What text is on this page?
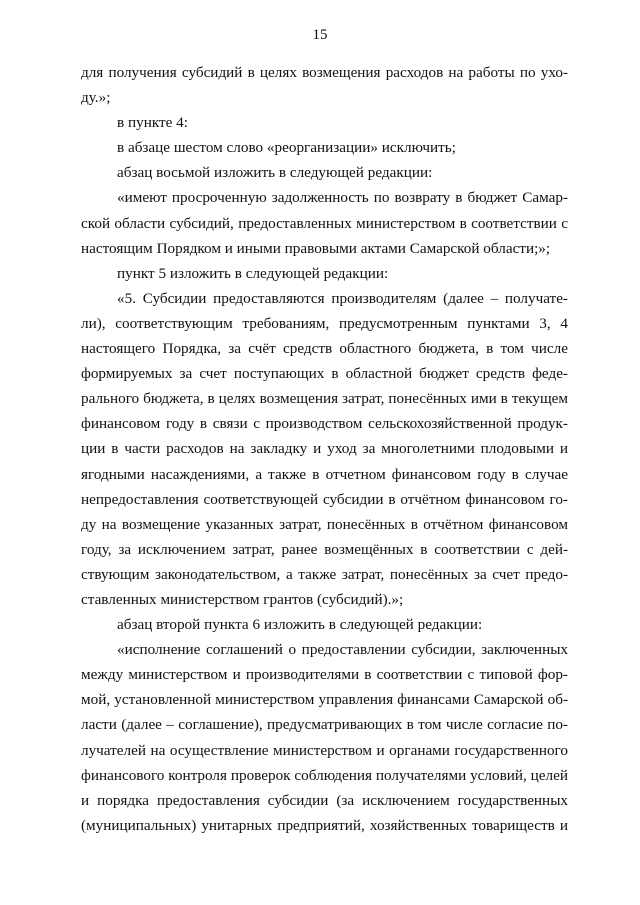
15
для получения субсидий в целях возмещения расходов на работы по ухо-
ду.»;
в пункте 4:
в абзаце шестом слово «реорганизации» исключить;
абзац восьмой изложить в следующей редакции:
«имеют просроченную задолженность по возврату в бюджет Самар-
ской области субсидий, предоставленных министерством в соответствии с
настоящим Порядком и иными правовыми актами Самарской области;»;
пункт 5 изложить в следующей редакции:
«5. Субсидии предоставляются производителям (далее – получате-
ли), соответствующим требованиям, предусмотренным пунктами 3, 4
настоящего Порядка, за счёт средств областного бюджета, в том числе
формируемых за счет поступающих в областной бюджет средств феде-
рального бюджета, в целях возмещения затрат, понесённых ими в текущем
финансовом году в связи с производством сельскохозяйственной продук-
ции в части расходов на закладку и уход за многолетними плодовыми и
ягодными насаждениями, а также в отчетном финансовом году в случае
непредоставления соответствующей субсидии в отчётном финансовом го-
ду на возмещение указанных затрат, понесённых в отчётном финансовом
году, за исключением затрат, ранее возмещённых в соответствии с дей-
ствующим законодательством, а также затрат, понесённых за счет предо-
ставленных министерством грантов (субсидий).»;
абзац второй пункта 6 изложить в следующей редакции:
«исполнение соглашений о предоставлении субсидии, заключенных
между министерством и производителями в соответствии с типовой фор-
мой, установленной министерством управления финансами Самарской об-
ласти (далее – соглашение), предусматривающих в том числе согласие по-
лучателей на осуществление министерством и органами государственного
финансового контроля проверок соблюдения получателями условий, целей
и порядка предоставления субсидии (за исключением государственных
(муниципальных) унитарных предприятий, хозяйственных товариществ и
